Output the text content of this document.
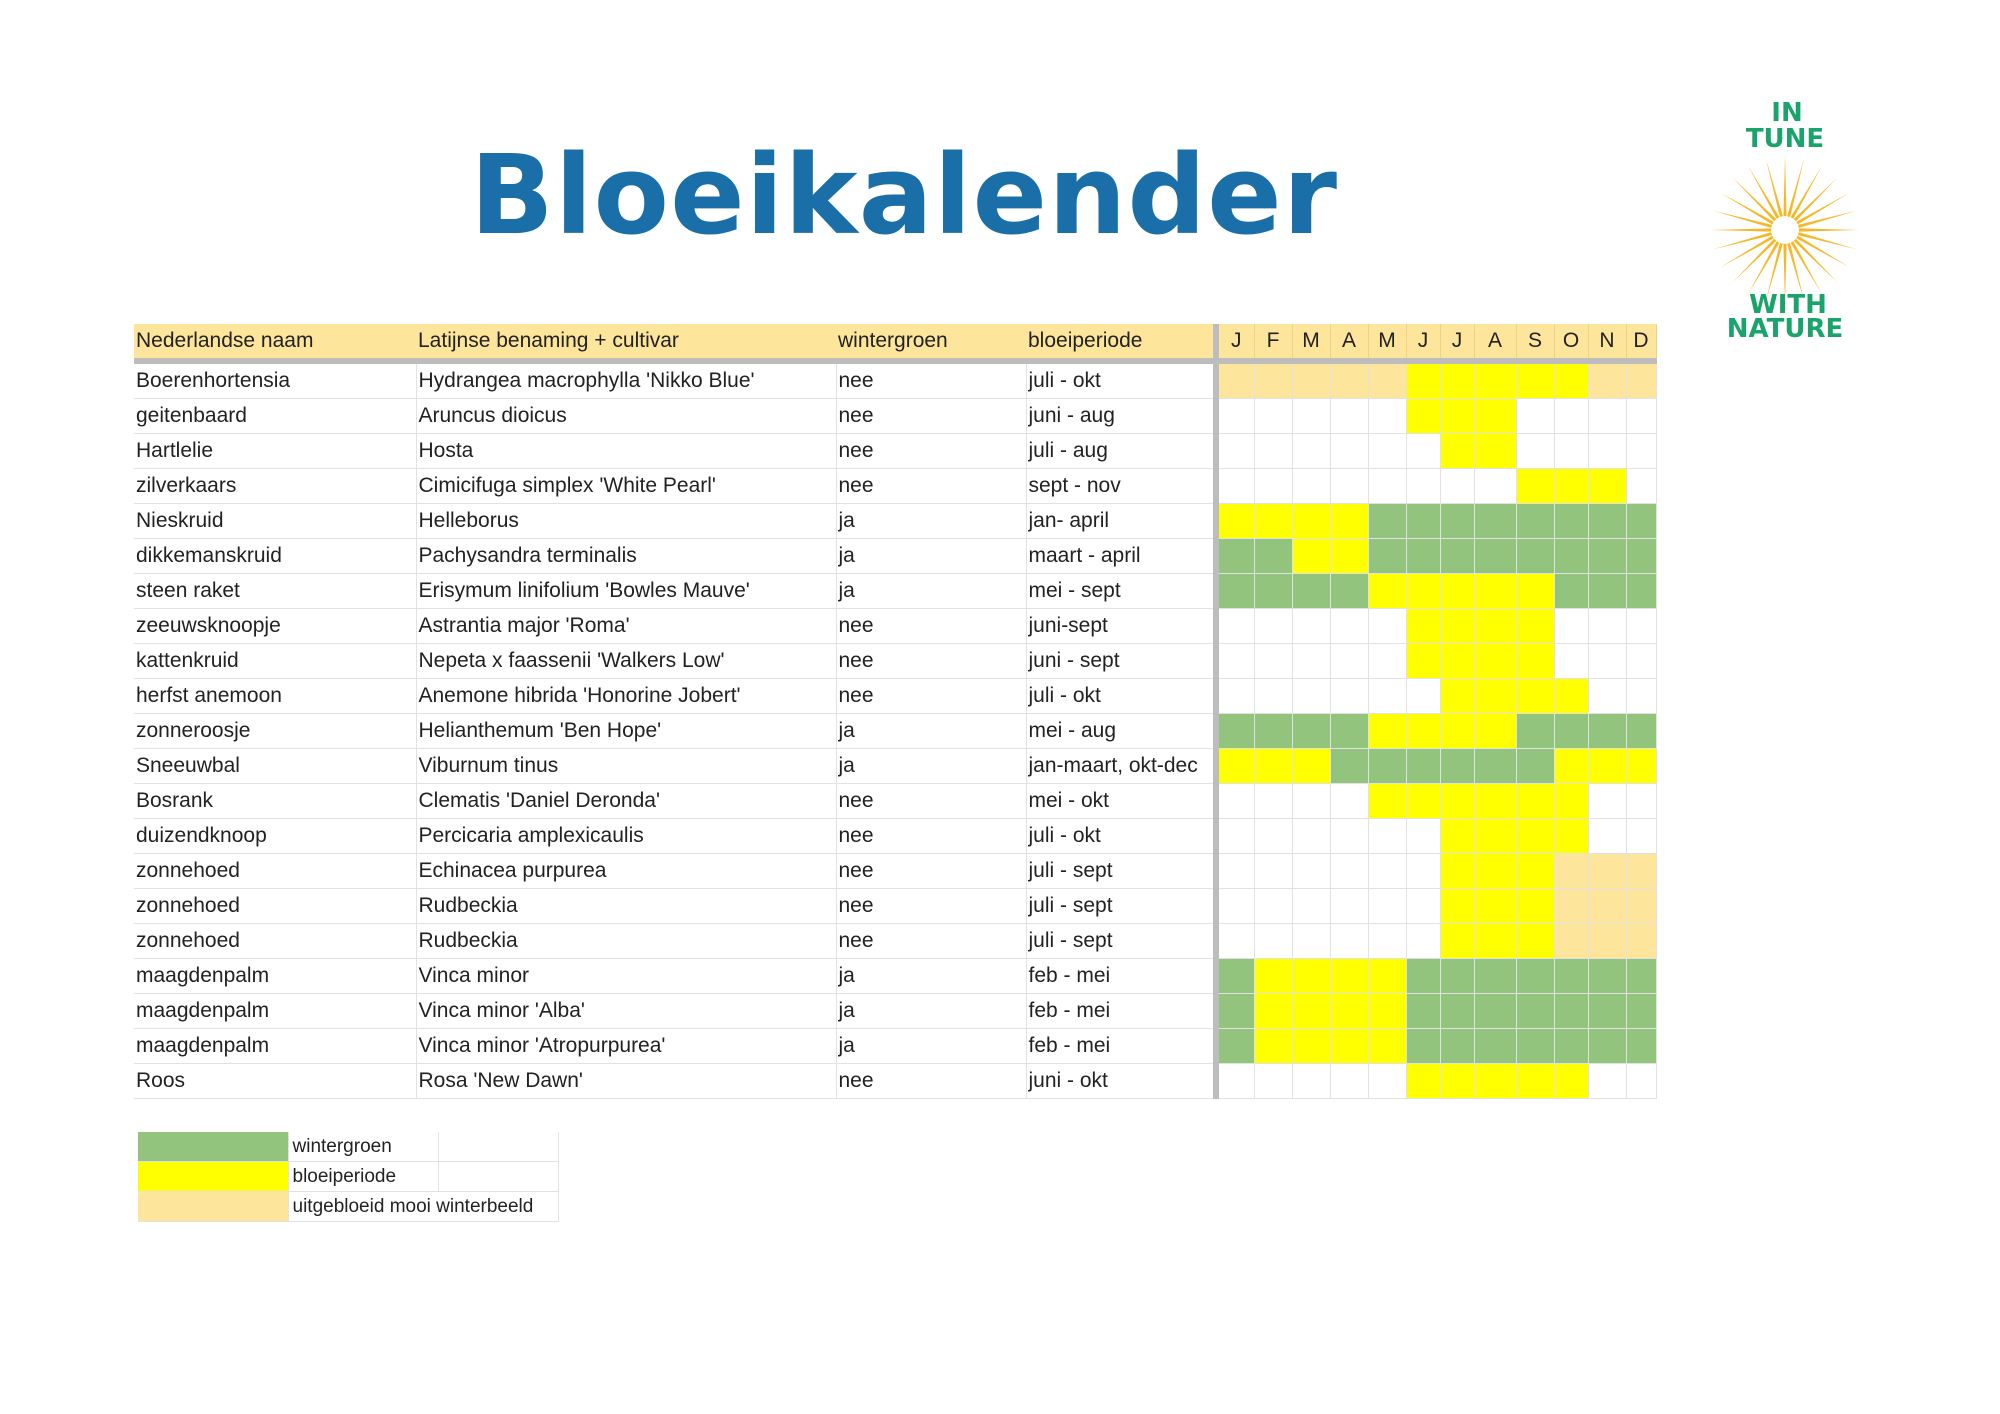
Bloeikalender
IN
TUNE
WITH
NATURE
Nederlandse naam	Latijnse benaming + cultivar	wintergroen	bloeiperiode	J	F	M	A	M	J	J	A	S	O	N	D
Boerenhortensia	Hydrangea macrophylla 'Nikko Blue'	nee	juli - okt												
geitenbaard	Aruncus dioicus	nee	juni - aug												
Hartlelie	Hosta	nee	juli - aug												
zilverkaars	Cimicifuga simplex 'White Pearl'	nee	sept - nov												
Nieskruid	Helleborus	ja	jan- april												
dikkemanskruid	Pachysandra terminalis	ja	maart - april												
steen raket	Erisymum linifolium 'Bowles Mauve'	ja	mei - sept												
zeeuwsknoopje	Astrantia major 'Roma'	nee	juni-sept												
kattenkruid	Nepeta x faassenii 'Walkers Low'	nee	juni - sept												
herfst anemoon	Anemone hibrida 'Honorine Jobert'	nee	juli - okt												
zonneroosje	Helianthemum 'Ben Hope'	ja	mei - aug												
Sneeuwbal	Viburnum tinus	ja	jan-maart, okt-dec												
Bosrank	Clematis 'Daniel Deronda'	nee	mei - okt												
duizendknoop	Percicaria amplexicaulis	nee	juli - okt												
zonnehoed	Echinacea purpurea	nee	juli - sept												
zonnehoed	Rudbeckia	nee	juli - sept												
zonnehoed	Rudbeckia	nee	juli - sept												
maagdenpalm	Vinca minor	ja	feb - mei												
maagdenpalm	Vinca minor 'Alba'	ja	feb - mei												
maagdenpalm	Vinca minor 'Atropurpurea'	ja	feb - mei												
Roos	Rosa 'New Dawn'	nee	juni - okt												
	wintergroen	
	bloeiperiode	
	uitgebloeid mooi winterbeeld	
